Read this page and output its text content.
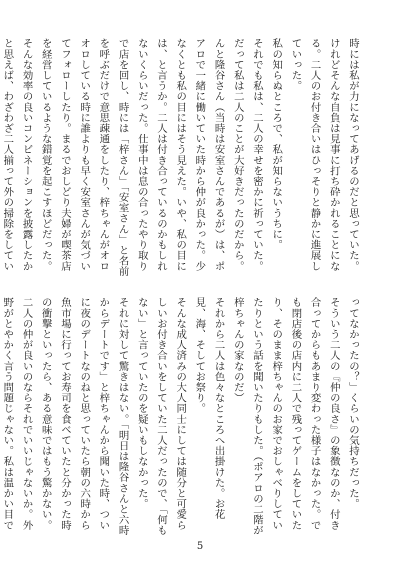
時には私が力になってあげるのだと思っていた。
けれどそんな自負は見事に打ち砕かれることになる。二人のお付き合いはひっそりと静かに進展していった。
私の知らぬところで、私が知らないうちに。
それでも私は、二人の幸せを密かに祈っていた。
だって私は二人のことが大好きだったのだから。
んと隆谷さん（当時は安室さんであるが）は、ポアロで一緒に働いていた時から仲が良かった。少なくとも私の目にはそう見えた。いや、私の目には、と言うか。二人は付き合っているのかもしれないくらいだった。仕事中は息の合ったやり取りで店を回し、時には「梓さん」「安室さん」と名前を呼ぶだけで意思疎通をしたり、梓ちゃんがオロオロしている時に誰よりも早く安室さんが気づいてフォローしたり。まるでおしどり夫婦が喫茶店を経営しているような錯覚を起こすほどだった。そんな効率の良いコンビネーションを披露したかと思えば、わざわざ二人揃って外の掃除をしてい

ってなかったの？」くらいの気持ちだった。
そういう二人の『仲の良さ』の象徴なのか、付き合ってからもあまり変わった様子はなかった。でも閉店後の店内に二人で残ってゲームをしていたり、そのまま梓ちゃんのお家でおしゃべりしていたりという話を聞いたりもした。（ポアロの二階が梓ちゃんの家なのだ）
それから二人は色々なところへ出掛けた。お花見、海、そしてお祭り。
そんな成人済みの大人同士にしては随分と可愛らしいお付き合いをしていた二人だったので、「何もない」と言っていたのを疑いもしなかった。
それに対して驚きはない。「明日は隆谷さんと六時からデートです」と梓ちゃんから聞いた時、ついに夜のデートなのねと思っていたら朝の六時から魚市場に行ってお寿司を食べていたと分かった時の衝撃といったら、ある意味ではもう驚かない。二人の仲が良いのならそれでいいじゃないか。外野がとやかく言う問題じゃない。私は温かい目で

5
